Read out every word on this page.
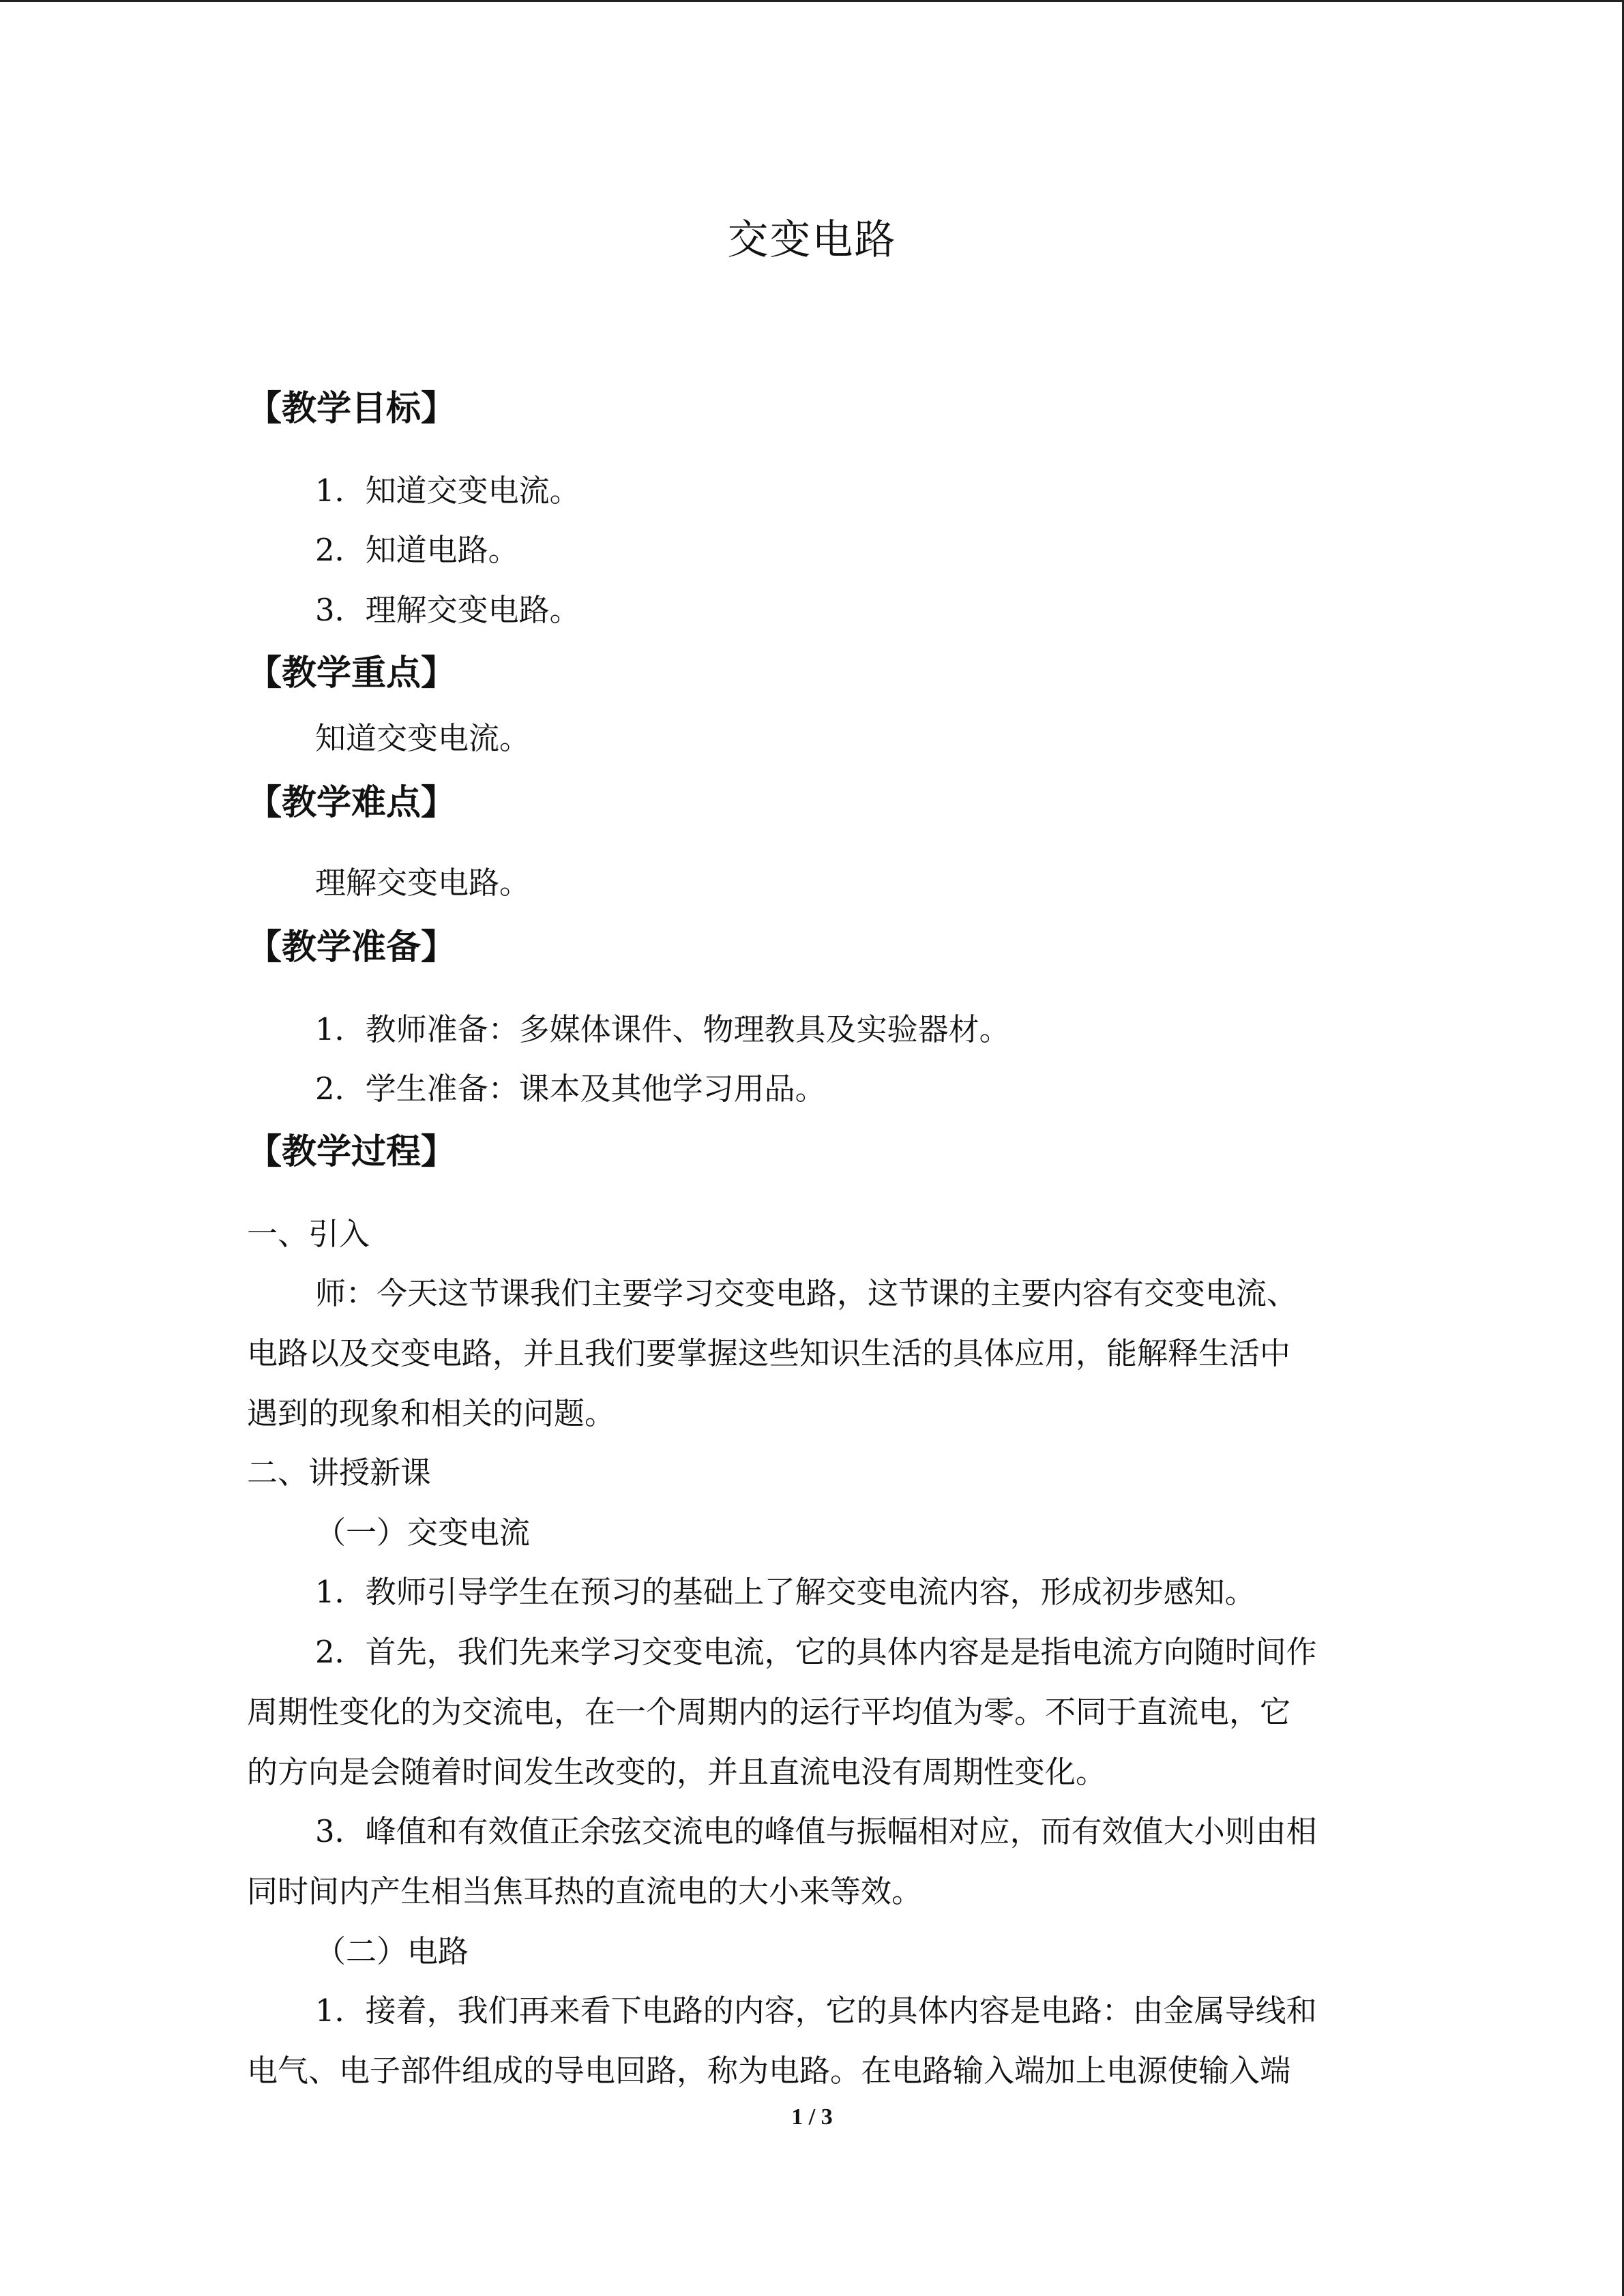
交变电路
【教学目标】
1．知道交变电流。
2．知道电路。
3．理解交变电路。
【教学重点】
知道交变电流。
【教学难点】
理解交变电路。
【教学准备】
1．教师准备：多媒体课件、物理教具及实验器材。
2．学生准备：课本及其他学习用品。
【教学过程】
一、引入
师：今天这节课我们主要学习交变电路，这节课的主要内容有交变电流、
电路以及交变电路，并且我们要掌握这些知识生活的具体应用，能解释生活中
遇到的现象和相关的问题。
二、讲授新课
（一）交变电流
1．教师引导学生在预习的基础上了解交变电流内容，形成初步感知。
2．首先，我们先来学习交变电流，它的具体内容是是指电流方向随时间作
周期性变化的为交流电，在一个周期内的运行平均值为零。不同于直流电，它
的方向是会随着时间发生改变的，并且直流电没有周期性变化。
3．峰值和有效值正余弦交流电的峰值与振幅相对应，而有效值大小则由相
同时间内产生相当焦耳热的直流电的大小来等效。
（二）电路
1．接着，我们再来看下电路的内容，它的具体内容是电路：由金属导线和
电气、电子部件组成的导电回路，称为电路。在电路输入端加上电源使输入端
1 / 3
